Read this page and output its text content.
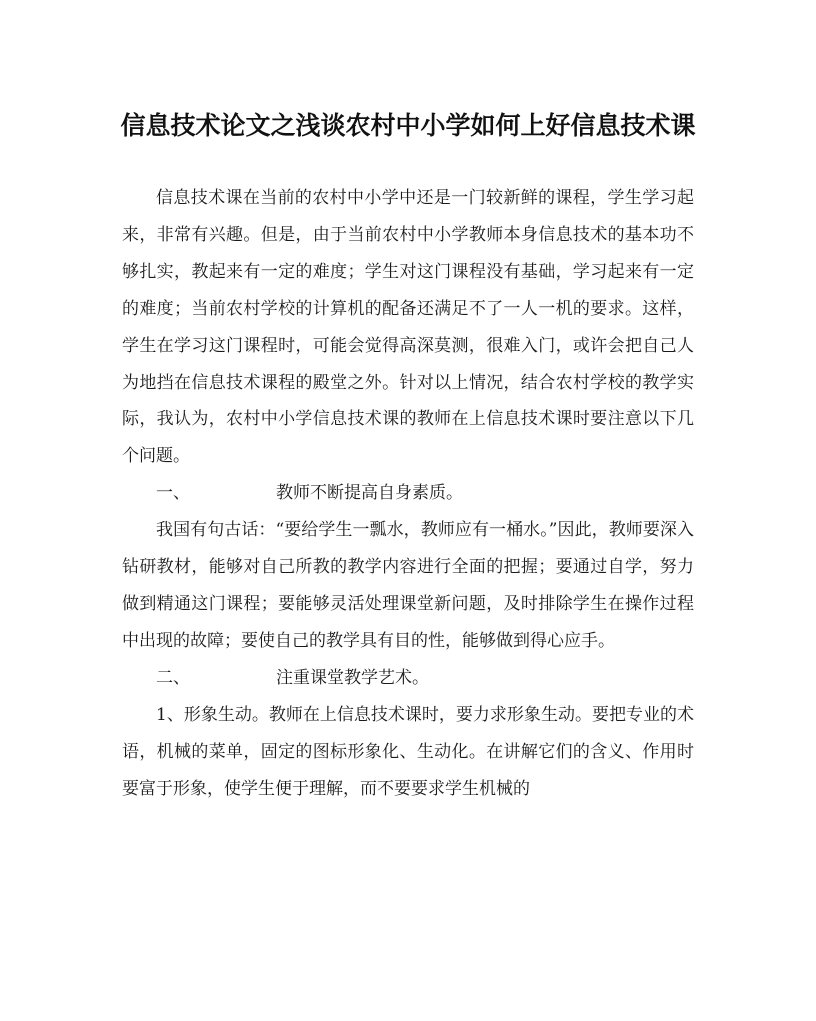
信息技术论文之浅谈农村中小学如何上好信息技术课

信息技术课在当前的农村中小学中还是一门较新鲜的课程，学生学习起来，非常有兴趣。但是，由于当前农村中小学教师本身信息技术的基本功不够扎实，教起来有一定的难度；学生对这门课程没有基础，学习起来有一定的难度；当前农村学校的计算机的配备还满足不了一人一机的要求。这样，学生在学习这门课程时，可能会觉得高深莫测，很难入门，或许会把自己人为地挡在信息技术课程的殿堂之外。针对以上情况，结合农村学校的教学实际，我认为，农村中小学信息技术课的教师在上信息技术课时要注意以下几个问题。

一、	教师不断提高自身素质。

我国有句古话：“要给学生一瓢水，教师应有一桶水。”因此，教师要深入钻研教材，能够对自己所教的教学内容进行全面的把握；要通过自学，努力做到精通这门课程；要能够灵活处理课堂新问题，及时排除学生在操作过程中出现的故障；要使自己的教学具有目的性，能够做到得心应手。

二、	注重课堂教学艺术。

1、形象生动。教师在上信息技术课时，要力求形象生动。要把专业的术语，机械的菜单，固定的图标形象化、生动化。在讲解它们的含义、作用时要富于形象，使学生便于理解，而不要要求学生机械的
